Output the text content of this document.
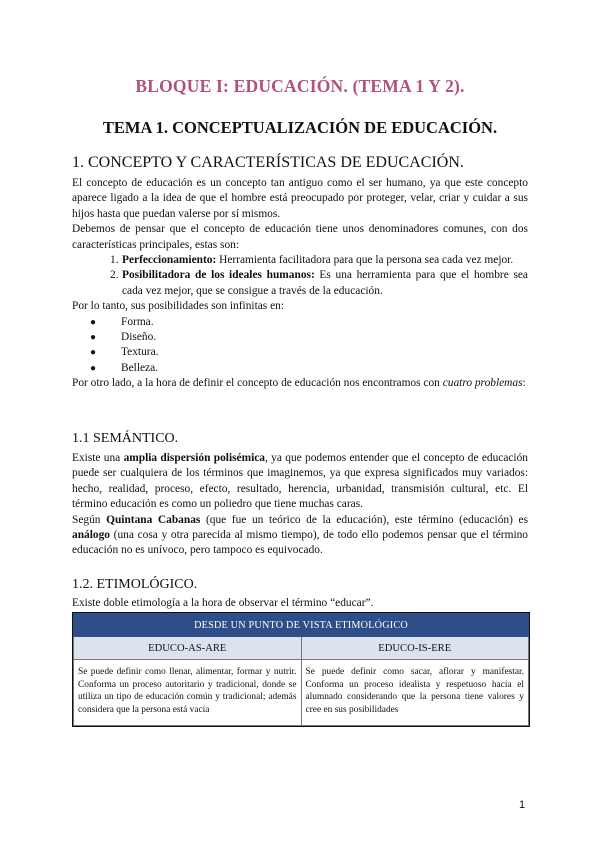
BLOQUE I: EDUCACIÓN. (TEMA 1 Y 2).
TEMA 1. CONCEPTUALIZACIÓN DE EDUCACIÓN.
1. CONCEPTO Y CARACTERÍSTICAS DE EDUCACIÓN.

El concepto de educación es un concepto tan antiguo como el ser humano, ya que este concepto aparece ligado a la idea de que el hombre está preocupado por proteger, velar, criar y cuidar a sus hijos hasta que puedan valerse por sí mismos.

Debemos de pensar que el concepto de educación tiene unos denominadores comunes, con dos características principales, estas son:

1. Perfeccionamiento: Herramienta facilitadora para que la persona sea cada vez mejor.
2. Posibilitadora de los ideales humanos: Es una herramienta para que el hombre sea cada vez mejor, que se consigue a través de la educación.

Por lo tanto, sus posibilidades son infinitas en:

● Forma.
● Diseño.
● Textura.
● Belleza.

Por otro lado, a la hora de definir el concepto de educación nos encontramos con cuatro problemas:

1.1 SEMÁNTICO.

Existe una amplia dispersión polisémica, ya que podemos entender que el concepto de educación puede ser cualquiera de los términos que imaginemos, ya que expresa significados muy variados: hecho, realidad, proceso, efecto, resultado, herencia, urbanidad, transmisión cultural, etc. El término educación es como un poliedro que tiene muchas caras.

Según Quintana Cabanas (que fue un teórico de la educación), este término (educación) es análogo (una cosa y otra parecida al mismo tiempo), de todo ello podemos pensar que el término educación no es unívoco, pero tampoco es equivocado.

1.2. ETIMOLÓGICO.

Existe doble etimología a la hora de observar el término “educar”.

DESDE UN PUNTO DE VISTA ETIMOLÓGICO	
EDUCO-AS-ARE	EDUCO-IS-ERE
Se puede definir como llenar, alimentar, formar y nutrir. Conforma un proceso autoritario y tradicional, donde se utiliza un tipo de educación común y tradicional; además considera que la persona está vacía	Se puede definir como sacar, aflorar y manifestar. Conforma un proceso idealista y respetuoso hacia el alumnado considerando que la persona tiene valores y cree en sus posibilidades
1
